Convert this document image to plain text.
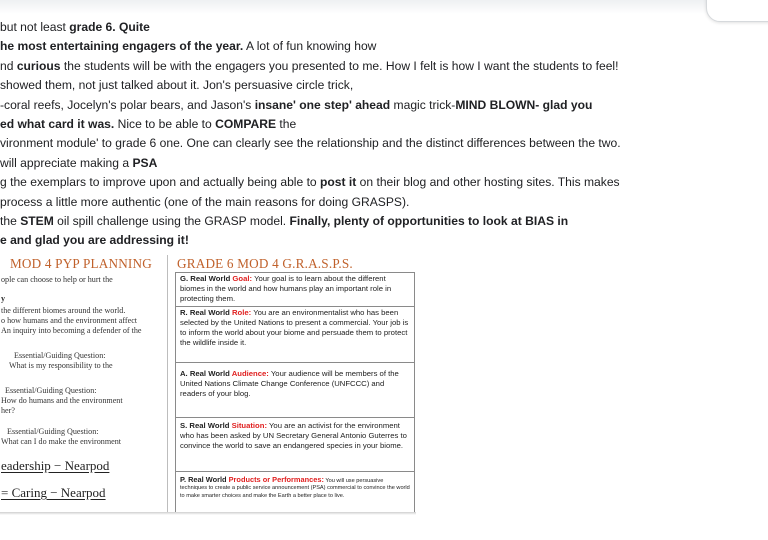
but not least grade 6. Quite
he most entertaining engagers of the year. A lot of fun knowing how
nd curious the students will be with the engagers you presented to me. How I felt is how I want the students to feel!
showed them, not just talked about it. Jon's persuasive circle trick,
-coral reefs, Jocelyn's polar bears, and Jason's insane' one step' ahead magic trick-MIND BLOWN- glad you
ed what card it was. Nice to be able to COMPARE the
vironment module' to grade 6 one. One can clearly see the relationship and the distinct differences between the two.
will appreciate making a PSA
g the exemplars to improve upon and actually being able to post it on their blog and other hosting sites. This makes
process a little more authentic (one of the main reasons for doing GRASPS).
the STEM oil spill challenge using the GRASP model. Finally, plenty of opportunities to look at BIAS in
e and glad you are addressing it!
MOD 4 PYP PLANNING
ople can choose to help or hurt the
y
the different biomes around the world.
o how humans and the environment affect
An inquiry into becoming a defender of the
Essential/Guiding Question:
What is my responsibility to the
Essential/Guiding Question:
How do humans and the environment
her?
Essential/Guiding Question:
What can I do make the environment
eadership − Nearpod
= Caring − Nearpod
GRADE 6 MOD 4 G.R.A.S.P.S.
G. Real World Goal: Your goal is to learn about the different biomes in the world and how humans play an important role in protecting them.
R. Real World Role: You are an environmentalist who has been selected by the United Nations to present a commercial. Your job is to inform the world about your biome and persuade them to protect the wildlife inside it.
A. Real World Audience: Your audience will be members of the United Nations Climate Change Conference (UNFCCC) and readers of your blog.
S. Real World Situation: You are an activist for the environment who has been asked by UN Secretary General Antonio Guterres to convince the world to save an endangered species in your biome.
P. Real World Products or Performances: You will use persuasive techniques to create a public service announcement (PSA) commercial to convince the world to make smarter choices and make the Earth a better place to live.
